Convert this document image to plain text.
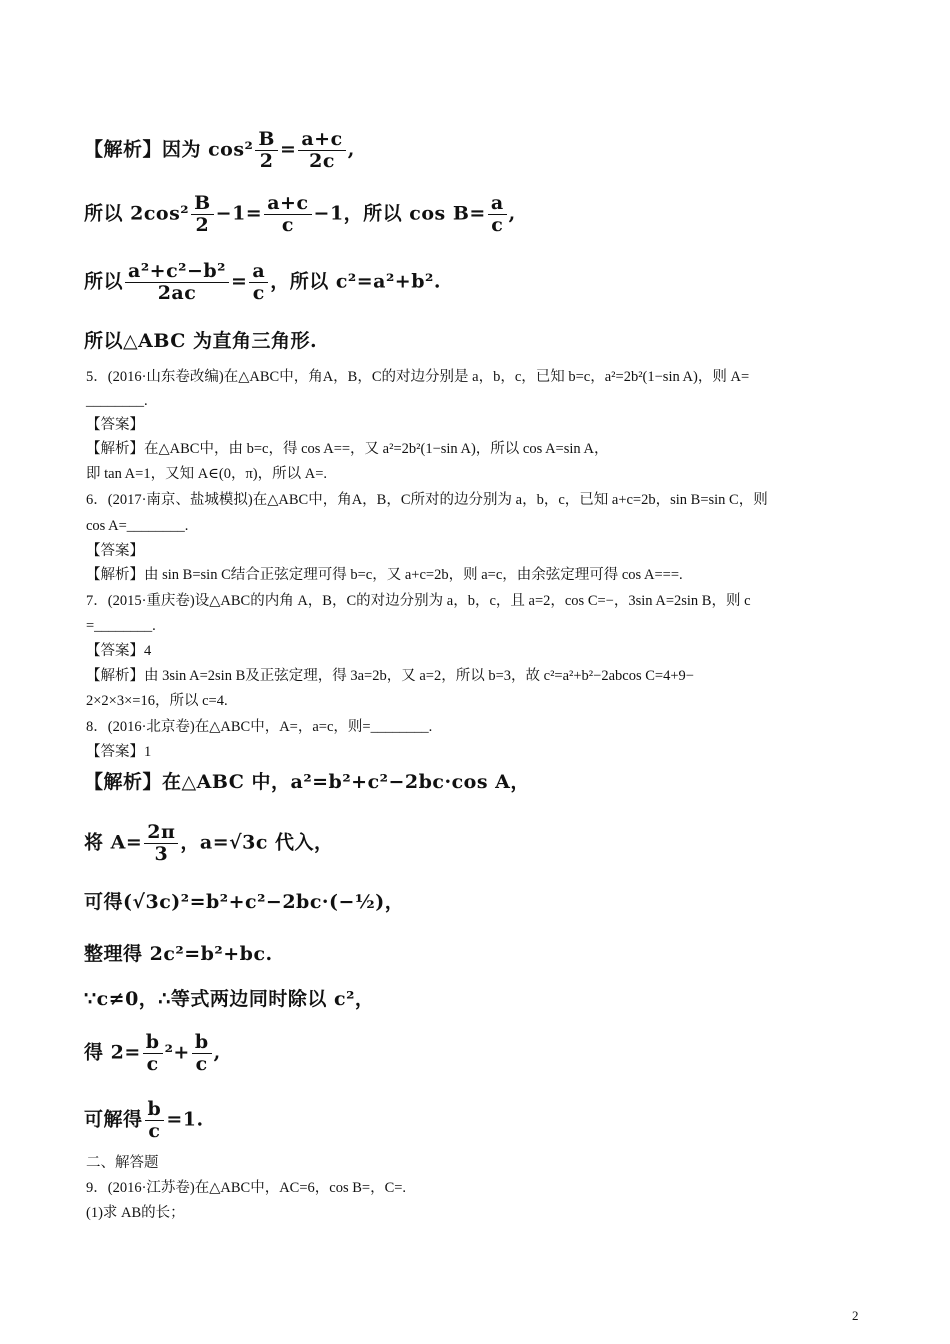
【解析】因为 $\cos^2 \frac{B}{2} = \frac{a+c}{2c}$ ,
所以 $2\cos^2 \frac{B}{2} -1= \frac{a+c}{c} -1$，所以 $\cos B= \frac{a}{c}$ ,
所以 $\frac{\text{a²+c²−b²}}{2ac} = \frac{a}{c}$ ，所以 c²=a²+b².
所以△ABC 为直角三角形.
5．(2016·山东卷改编)在△ABC中，角A，B，C的对边分别是 a，b，c，已知 b=c，a²=2b²(1−sin A)，则 A=
________.
【答案】
【解析】在△ABC中，由 b=c，得 cos A==，又 a²=2b²(1−sin A)，所以 cos A=sin A，
即 tan A=1，又知 A∈(0，π)，所以 A=.
6．(2017·南京、盐城模拟)在△ABC中，角A，B，C所对的边分别为 a，b，c，已知 a+c=2b，sin B=sin C，则
cos A=________.
【答案】
【解析】由 sin B=sin C结合正弦定理可得 b=c，又 a+c=2b，则 a=c，由余弦定理可得 cos A===.
7．(2015·重庆卷)设△ABC的内角 A，B，C的对边分别为 a，b，c，且 a=2，cos C=−，3sin A=2sin B，则 c
=________.
【答案】4
【解析】由 3sin A=2sin B及正弦定理，得 3a=2b，又 a=2，所以 b=3，故 c²=a²+b²−2abcos C=4+9−
2×2×3×=16，所以 c=4.
8．(2016·北京卷)在△ABC中，A=，a=c，则=________.
【答案】1
【解析】在△ABC 中，a²=b²+c²−2bc·cos A，
将 $A= \frac{2\pi}{3}$ ，a=√3c 代入，
可得(√3c)²=b²+c²−2bc·(−½)，
整理得 2c²=b²+bc.
∵c≠0，∴等式两边同时除以 c²，
得 $2= \frac{b}{c} ^2+ \frac{b}{c}$ ,
可解得 $\frac{b}{c} =1$.
二、解答题
9．(2016·江苏卷)在△ABC中，AC=6，cos B=，C=.
(1)求 AB的长；
2
